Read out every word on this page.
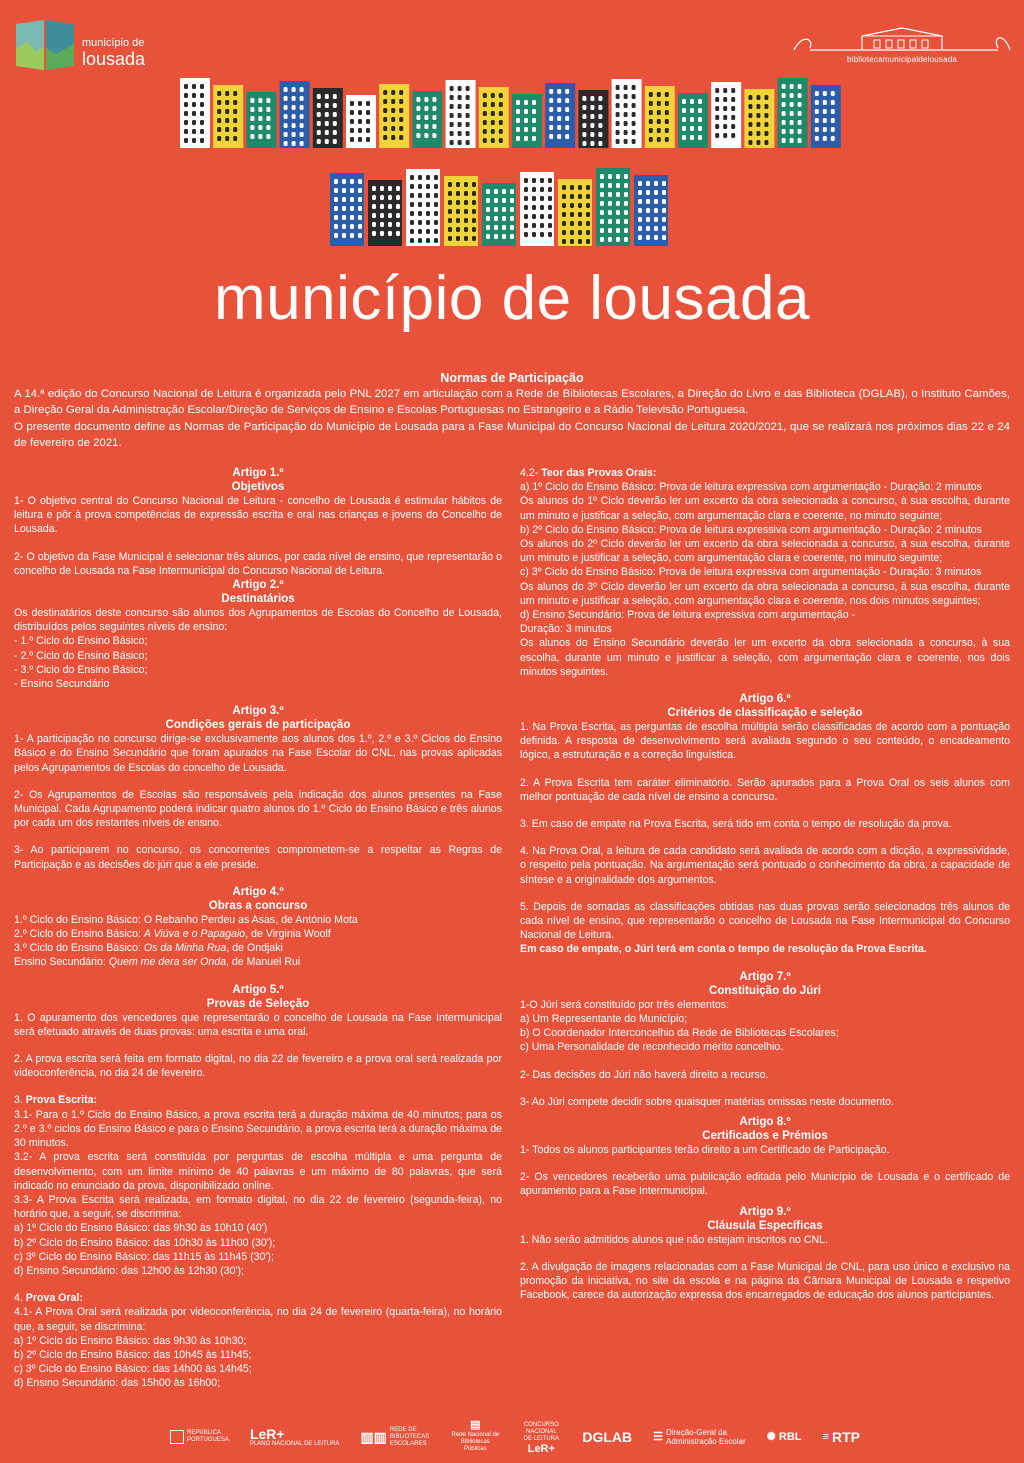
município de
lousada	bibliotecamunicipaldelousada
município de lousada
Normas de Participação

A 14.ª edição do Concurso Nacional de Leitura é organizada pelo PNL 2027 em articulação com a Rede de Bibliotecas Escolares, a Direção do Livro e das Biblioteca (DGLAB), o Instituto Camões, a Direção Geral da Administração Escolar/Direção de Serviços de Ensino e Escolas Portuguesas no Estrangeiro e a Rádio Televisão Portuguesa.

O presente documento define as Normas de Participação do Município de Lousada para a Fase Municipal do Concurso Nacional de Leitura 2020/2021, que se realizará nos próximos dias 22 e 24 de fevereiro de 2021.

Artigo 1.º
Objetivos

1- O objetivo central do Concurso Nacional de Leitura - concelho de Lousada é estimular hábitos de leitura e pôr à prova competências de expressão escrita e oral nas crianças e jovens do Concelho de Lousada.

2- O objetivo da Fase Municipal é selecionar três alunos, por cada nível de ensino, que representarão o concelho de Lousada na Fase Intermunicipal do Concurso Nacional de Leitura.

Artigo 2.º
Destinatários

Os destinatários deste concurso são alunos dos Agrupamentos de Escolas do Concelho de Lousada, distribuídos pelos seguintes níveis de ensino:

- 1.º Ciclo do Ensino Básico;

- 2.º Ciclo do Ensino Básico;

- 3.º Ciclo do Ensino Básico;

- Ensino Secundário

Artigo 3.º
Condições gerais de participação

1- A participação no concurso dirige-se exclusivamente aos alunos dos 1.º, 2.º e 3.º Ciclos do Ensino Básico e do Ensino Secundário que foram apurados na Fase Escolar do CNL, nas provas aplicadas pelos Agrupamentos de Escolas do concelho de Lousada.

2- Os Agrupamentos de Escolas são responsáveis pela indicação dos alunos presentes na Fase Municipal. Cada Agrupamento poderá indicar quatro alunos do 1.º Ciclo do Ensino Básico e três alunos por cada um dos restantes níveis de ensino.

3- Ao participarem no concurso, os concorrentes comprometem-se a respeitar as Regras de Participação e as decisões do júri que a ele preside.

Artigo 4.º
Obras a concurso

1.º Ciclo do Ensino Básico: O Rebanho Perdeu as Asas, de António Mota

2.º Ciclo do Ensino Básico: A Viúva e o Papagaio, de Virginia Woolf

3.º Ciclo do Ensino Básico: Os da Minha Rua, de Ondjaki

Ensino Secundário: Quem me dera ser Onda, de Manuel Rui

Artigo 5.º
Provas de Seleção

1. O apuramento dos vencedores que representarão o concelho de Lousada na Fase Intermunicipal será efetuado através de duas provas: uma escrita e uma oral.

2. A prova escrita será feita em formato digital, no dia 22 de fevereiro e a prova oral será realizada por videoconferência, no dia 24 de fevereiro.

3. Prova Escrita:

3.1- Para o 1.º Ciclo do Ensino Básico, a prova escrita terá a duração máxima de 40 minutos; para os 2.º e 3.º ciclos do Ensino Básico e para o Ensino Secundário, a prova escrita terá a duração máxima de 30 minutos.

3.2- A prova escrita será constituída por perguntas de escolha múltipla e uma pergunta de desenvolvimento, com um limite mínimo de 40 palavras e um máximo de 80 palavras, que será indicado no enunciado da prova, disponibilizado online.

3.3- A Prova Escrita será realizada, em formato digital, no dia 22 de fevereiro (segunda-feira), no horário que, a seguir, se discrimina:

a) 1º Ciclo do Ensino Básico: das 9h30 às 10h10 (40')

b) 2º Ciclo do Ensino Básico: das 10h30 às 11h00 (30');

c) 3º Ciclo do Ensino Básico: das 11h15 às 11h45 (30');

d) Ensino Secundário: das 12h00 às 12h30 (30');

4. Prova Oral:

4.1- A Prova Oral será realizada por videoconferência, no dia 24 de fevereiro (quarta-feira), no horário que, a seguir, se discrimina:

a) 1º Ciclo do Ensino Básico: das 9h30 às 10h30;

b) 2º Ciclo do Ensino Básico: das 10h45 às 11h45;

c) 3º Ciclo do Ensino Básico: das 14h00 às 14h45;

d) Ensino Secundário: das 15h00 às 16h00;

4.2- Teor das Provas Orais:

a) 1º Ciclo do Ensino Básico: Prova de leitura expressiva com argumentação - Duração: 2 minutos

Os alunos do 1º Ciclo deverão ler um excerto da obra selecionada a concurso, à sua escolha, durante um minuto e justificar a seleção, com argumentação clara e coerente, no minuto seguinte;

b) 2º Ciclo do Ensino Básico: Prova de leitura expressiva com argumentação - Duração: 2 minutos

Os alunos do 2º Ciclo deverão ler um excerto da obra selecionada a concurso, à sua escolha, durante um minuto e justificar a seleção, com argumentação clara e coerente, no minuto seguinte;

c) 3º Ciclo do Ensino Básico: Prova de leitura expressiva com argumentação - Duração: 3 minutos

Os alunos do 3º Ciclo deverão ler um excerto da obra selecionada a concurso, à sua escolha, durante um minuto e justificar a seleção, com argumentação clara e coerente, nos dois minutos seguintes;

d) Ensino Secundário: Prova de leitura expressiva com argumentação -

Duração: 3 minutos

Os alunos do Ensino Secundário deverão ler um excerto da obra selecionada a concurso, à sua escolha, durante um minuto e justificar a seleção, com argumentação clara e coerente, nos dois minutos seguintes.

Artigo 6.º
Critérios de classificação e seleção

1. Na Prova Escrita, as perguntas de escolha múltipla serão classificadas de acordo com a pontuação definida. A resposta de desenvolvimento será avaliada segundo o seu conteúdo, o encadeamento lógico, a estruturação e a correção linguística.

2. A Prova Escrita tem caráter eliminatório. Serão apurados para a Prova Oral os seis alunos com melhor pontuação de cada nível de ensino a concurso.

3. Em caso de empate na Prova Escrita, será tido em conta o tempo de resolução da prova.

4. Na Prova Oral, a leitura de cada candidato será avaliada de acordo com a dicção, a expressividade, o respeito pela pontuação. Na argumentação será pontuado o conhecimento da obra, a capacidade de síntese e a originalidade dos argumentos.

5. Depois de somadas as classificações obtidas nas duas provas serão selecionados três alunos de cada nível de ensino, que representarão o concelho de Lousada na Fase Intermunicipal do Concurso Nacional de Leitura.

Em caso de empate, o Júri terá em conta o tempo de resolução da Prova Escrita.

Artigo 7.º
Constituição do Júri

1-O Júri será constituído por três elementos:

a) Um Representante do Município;

b) O Coordenador Interconcelhio da Rede de Bibliotecas Escolares;

c) Uma Personalidade de reconhecido mérito concelhio.

2- Das decisões do Júri não haverá direito a recurso.

3- Ao Júri compete decidir sobre quaisquer matérias omissas neste documento.

Artigo 8.º
Certificados e Prémios

1- Todos os alunos participantes terão direito a um Certificado de Participação.

2- Os vencedores receberão uma publicação editada pelo Município de Lousada e o certificado de apuramento para a Fase Intermunicipal.

Artigo 9.º
Cláusula Específicas

1. Não serão admitidos alunos que não estejam inscritos no CNL.

2. A divulgação de imagens relacionadas com a Fase Municipal de CNL, para uso único e exclusivo na promoção da iniciativa, no site da escola e na página da Câmara Municipal de Lousada e respetivo Facebook, carece da autorização expressa dos encarregados de educação dos alunos participantes.

REPÚBLICA
PORTUGUESA LeR+
PLANO NACIONAL DE LEITURA ▥▥ REDE DE
BIBLIOTECAS
ESCOLARES
▤
Rede Nacional de Bibliotecas Públicas
CONCURSO NACIONAL DE LEITURA
LeR+
DGLAB ☰ Direção-Geral da
Administração Escolar ✺ RBL ≡ RTP
